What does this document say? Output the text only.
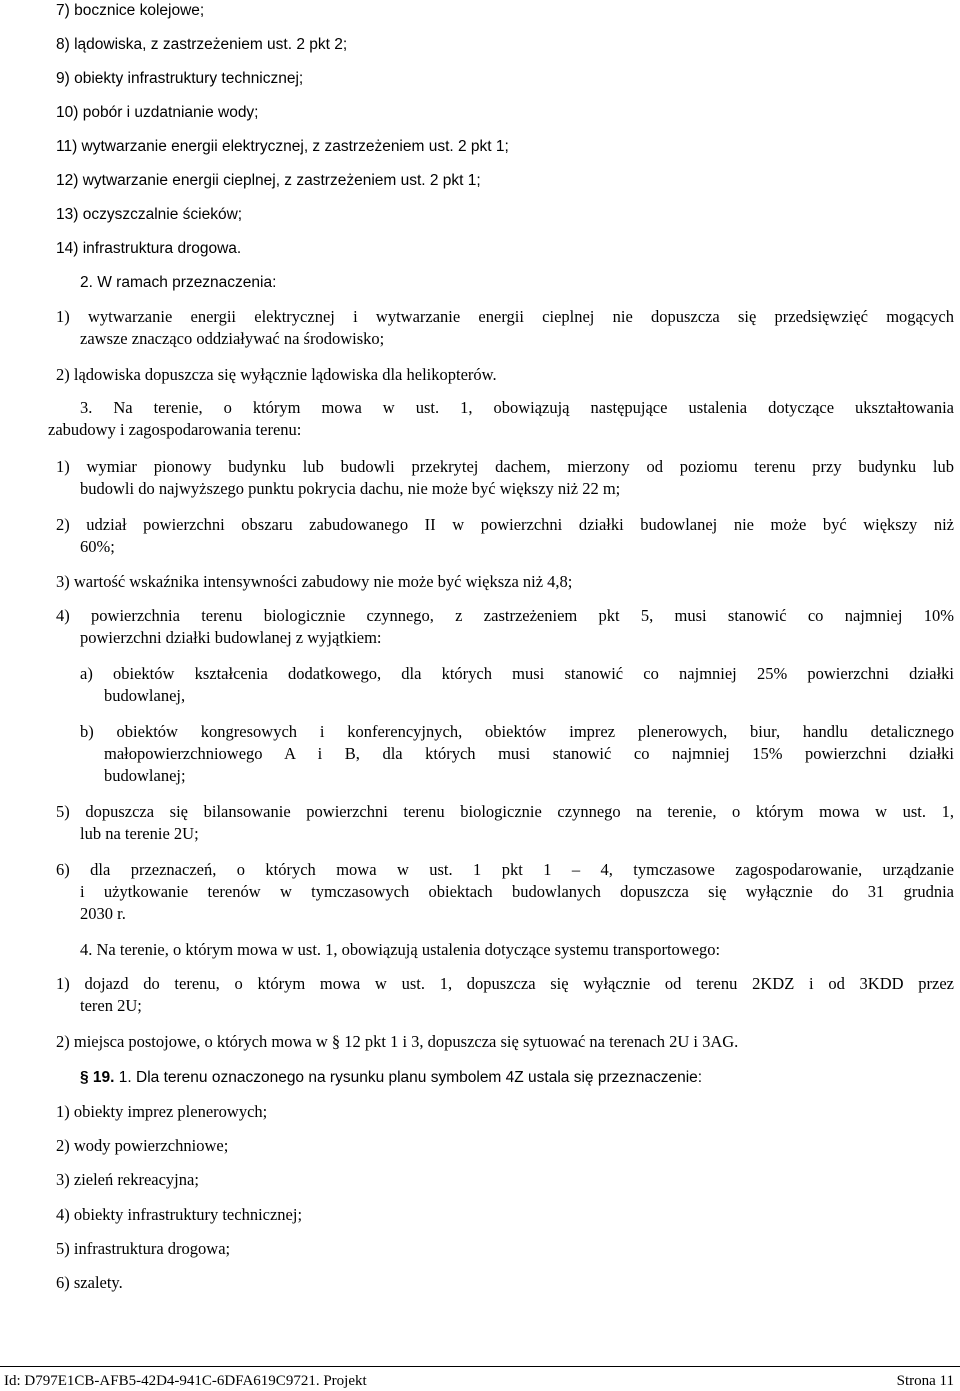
7) bocznice kolejowe;

8) lądowiska, z zastrzeżeniem ust. 2 pkt 2;

9) obiekty infrastruktury technicznej;

10) pobór i uzdatnianie wody;

11) wytwarzanie energii elektrycznej, z zastrzeżeniem ust. 2 pkt 1;

12) wytwarzanie energii cieplnej, z zastrzeżeniem ust. 2 pkt 1;

13) oczyszczalnie ścieków;

14) infrastruktura drogowa.

2. W ramach przeznaczenia:

1) wytwarzanie energii elektrycznej i wytwarzanie energii cieplnej nie dopuszcza się przedsięwzięć mogących

zawsze znacząco oddziaływać na środowisko;

2) lądowiska dopuszcza się wyłącznie lądowiska dla helikopterów.

3. Na terenie, o którym mowa w ust. 1, obowiązują następujące ustalenia dotyczące ukształtowania

zabudowy i zagospodarowania terenu:

1) wymiar pionowy budynku lub budowli przekrytej dachem, mierzony od poziomu terenu przy budynku lub

budowli do najwyższego punktu pokrycia dachu, nie może być większy niż 22 m;

2) udział powierzchni obszaru zabudowanego II w powierzchni działki budowlanej nie może być większy niż

60%;

3) wartość wskaźnika intensywności zabudowy nie może być większa niż 4,8;

4) powierzchnia terenu biologicznie czynnego, z zastrzeżeniem pkt 5, musi stanowić co najmniej 10%

powierzchni działki budowlanej z wyjątkiem:

a) obiektów kształcenia dodatkowego, dla których musi stanowić co najmniej 25% powierzchni działki

budowlanej,

b) obiektów kongresowych i konferencyjnych, obiektów imprez plenerowych, biur, handlu detalicznego

małopowierzchniowego A i B, dla których musi stanowić co najmniej 15% powierzchni działki

budowlanej;

5) dopuszcza się bilansowanie powierzchni terenu biologicznie czynnego na terenie, o którym mowa w ust. 1,

lub na terenie 2U;

6) dla przeznaczeń, o których mowa w ust. 1 pkt 1 – 4, tymczasowe zagospodarowanie, urządzanie

i użytkowanie terenów w tymczasowych obiektach budowlanych dopuszcza się wyłącznie do 31 grudnia

2030 r.

4. Na terenie, o którym mowa w ust. 1, obowiązują ustalenia dotyczące systemu transportowego:

1) dojazd do terenu, o którym mowa w ust. 1, dopuszcza się wyłącznie od terenu 2KDZ i od 3KDD przez

teren 2U;

2) miejsca postojowe, o których mowa w § 12 pkt 1 i 3, dopuszcza się sytuować na terenach 2U i 3AG.

§ 19. 1. Dla terenu oznaczonego na rysunku planu symbolem 4Z ustala się przeznaczenie:

1) obiekty imprez plenerowych;

2) wody powierzchniowe;

3) zieleń rekreacyjna;

4) obiekty infrastruktury technicznej;

5) infrastruktura drogowa;

6) szalety.

Id: D797E1CB-AFB5-42D4-941C-6DFA619C9721. Projekt	Strona 11
